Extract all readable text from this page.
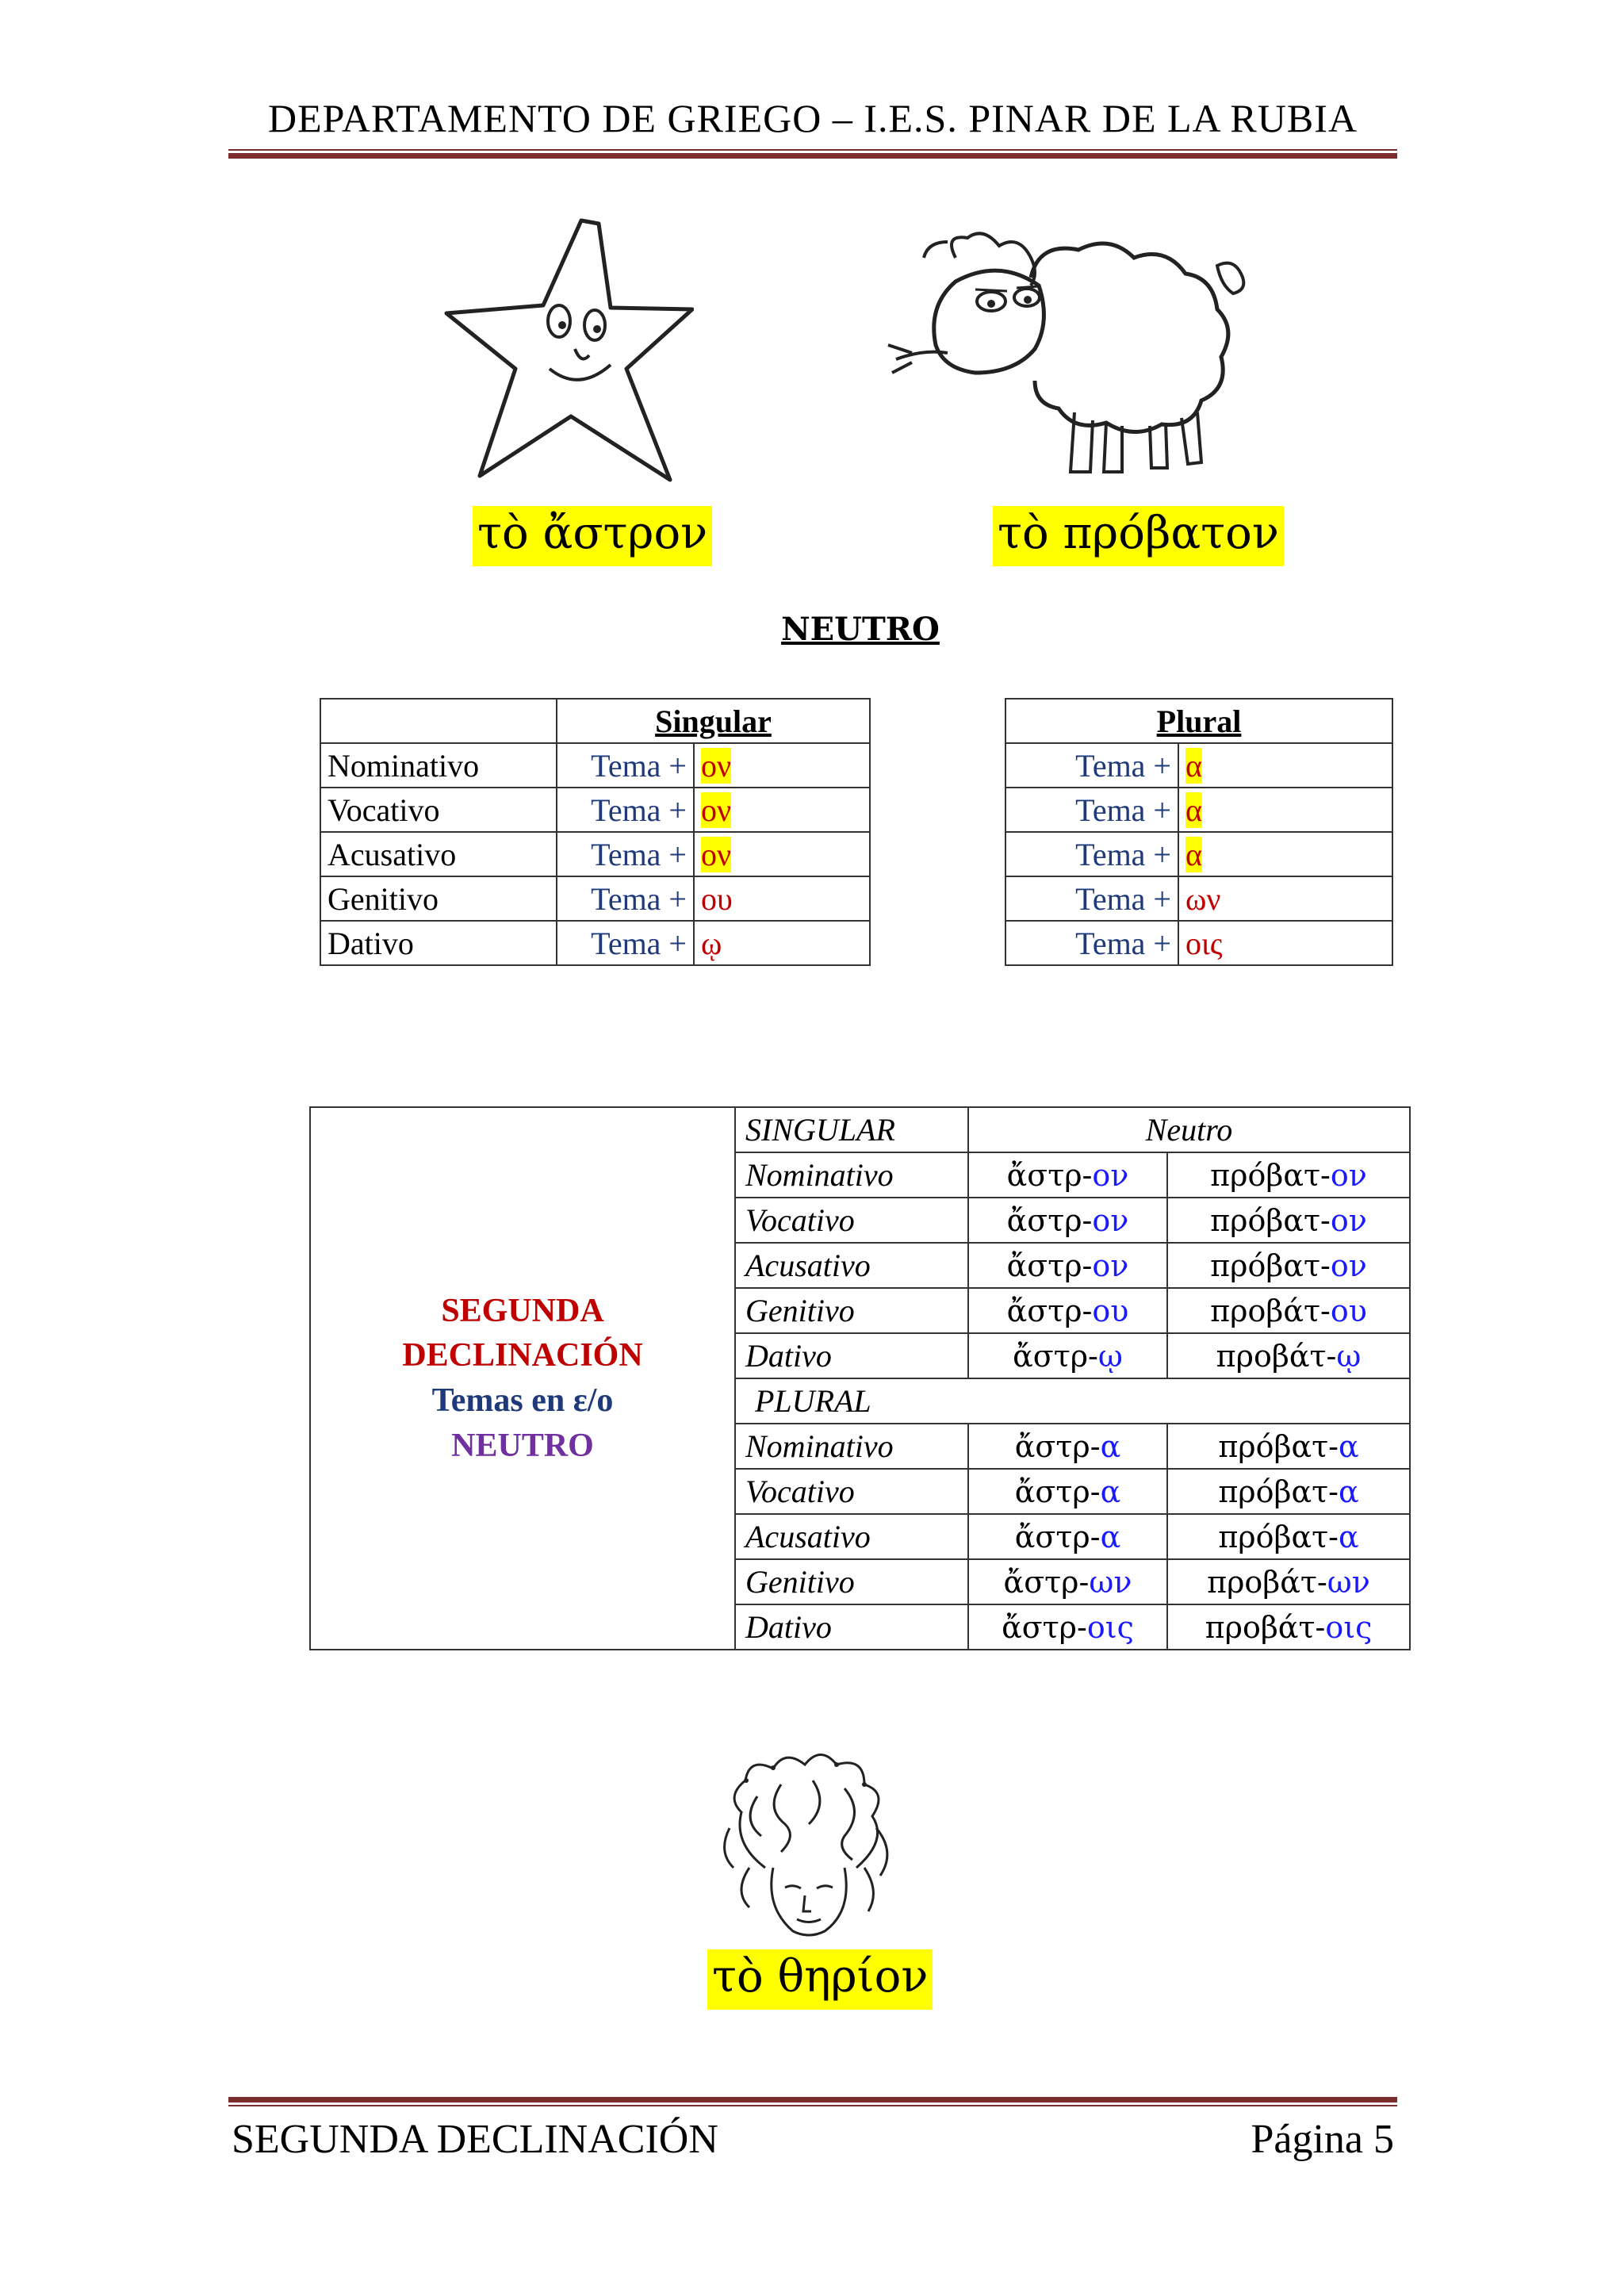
DEPARTAMENTO DE GRIEGO – I.E.S. PINAR DE LA RUBIA
τὸ ἄστρον	τὸ πρόβατον
NEUTRO
	Singular	
Nominativo	Tema +	ον
Vocativo	Tema +	ον
Acusativo	Tema +	ον
Genitivo	Tema +	ου
Dativo	Tema +	ῳ
Plural	
Tema +	α
Tema +	α
Tema +	α
Tema +	ων
Tema +	οις
SEGUNDA
DECLINACIÓN
Temas en ε/o
NEUTRO	SINGULAR	Neutro	
	Nominativo	ἄστρ-ον	πρόβατ-ον
	Vocativo	ἄστρ-ον	πρόβατ-ον
	Acusativo	ἄστρ-ον	πρόβατ-ον
	Genitivo	ἄστρ-ου	προβάτ-ου
	Dativo	ἄστρ-ῳ	προβάτ-ῳ
	PLURAL		
	Nominativo	ἄστρ-α	πρόβατ-α
	Vocativo	ἄστρ-α	πρόβατ-α
	Acusativo	ἄστρ-α	πρόβατ-α
	Genitivo	ἄστρ-ων	προβάτ-ων
	Dativo	ἄστρ-οις	προβάτ-οις
τὸ θηρίον
SEGUNDA DECLINACIÓN	Página 5
